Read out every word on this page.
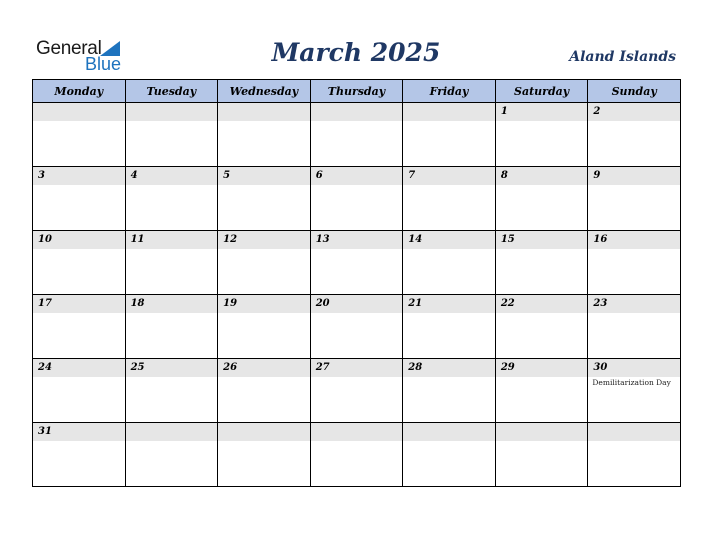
General
Blue	March 2025	Aland Islands
Monday	Tuesday	Wednesday	Thursday	Friday	Saturday	Sunday

					1	2

3	4	5	6	7	8	9

10	11	12	13	14	15	16

17	18	19	20	21	22	23

24	25	26	27	28	29	30
Demilitarization Day

31						
